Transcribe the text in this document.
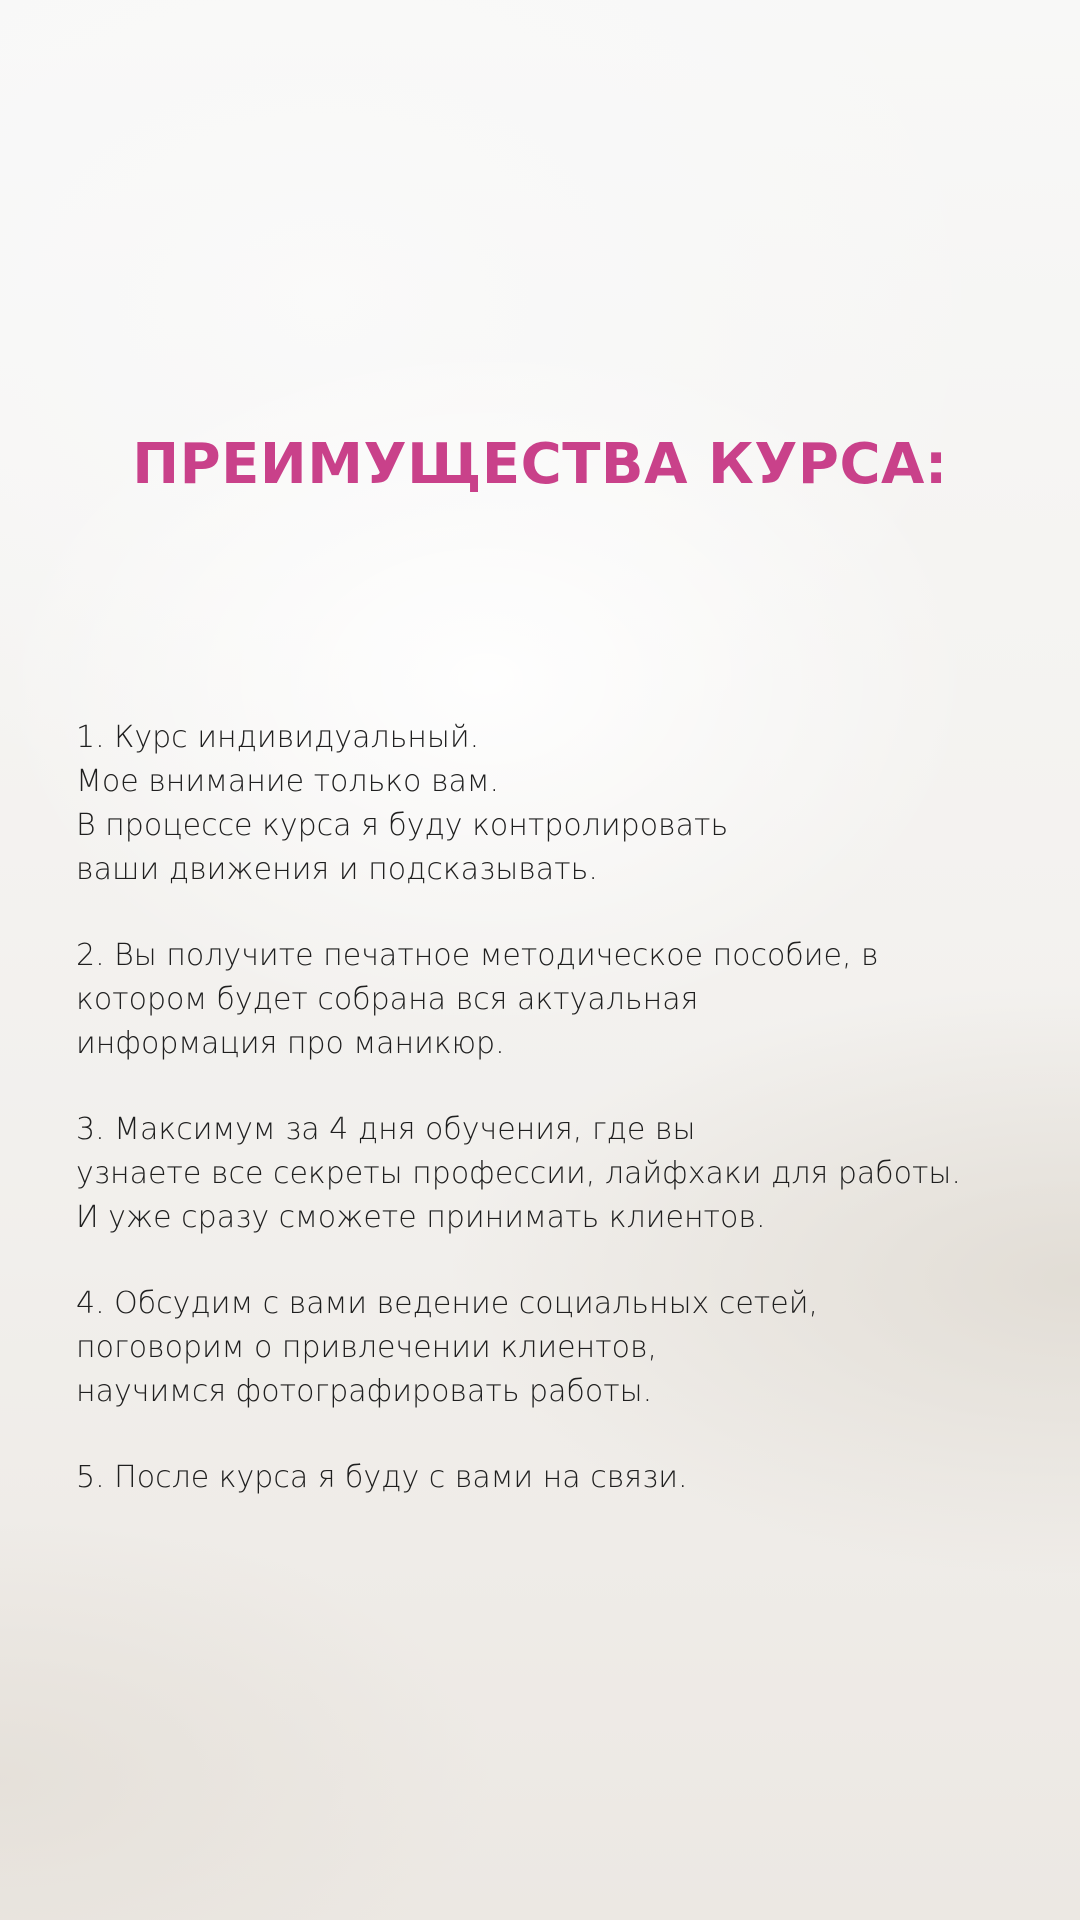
ПРЕИМУЩЕСТВА КУРСА:
1. Курс индивидуальный.
Мое внимание только вам.
В процессе курса я буду контролировать
ваши движения и подсказывать.
2. Вы получите печатное методическое пособие, в
котором будет собрана вся актуальная
информация про маникюр.
3. Максимум за 4 дня обучения, где вы
узнаете все секреты профессии, лайфхаки для работы.
И уже сразу сможете принимать клиентов.
4. Обсудим с вами ведение социальных сетей,
поговорим о привлечении клиентов,
научимся фотографировать работы.
5. После курса я буду с вами на связи.
